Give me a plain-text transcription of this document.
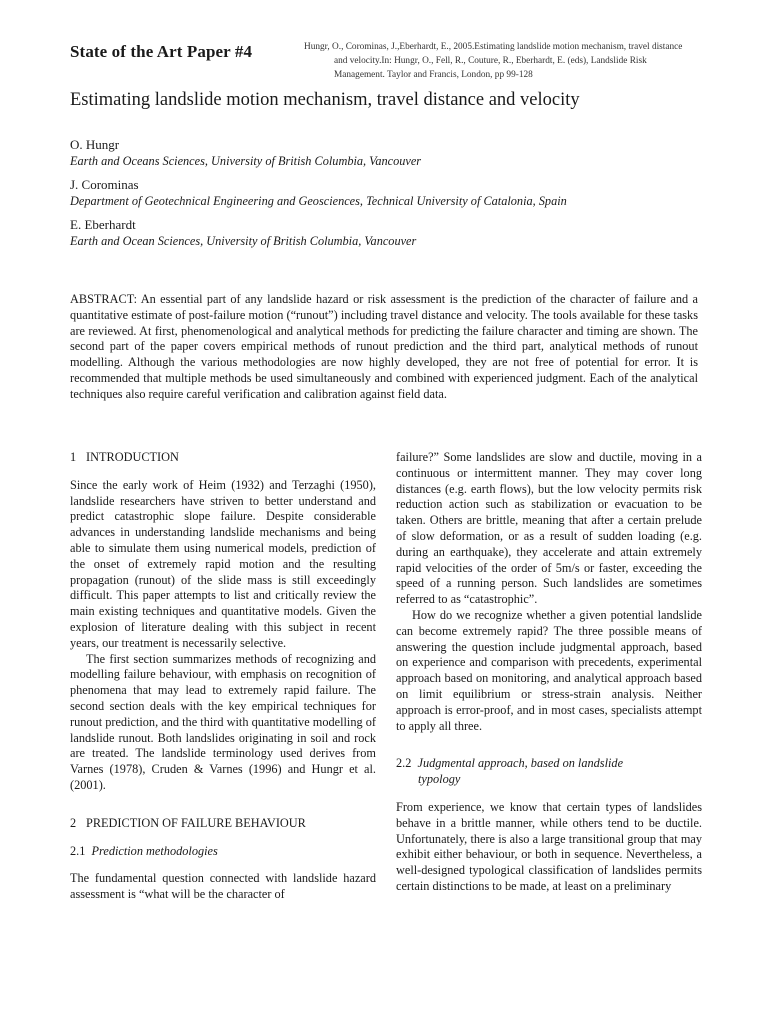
State of the Art Paper #4	Hungr, O., Corominas, J.,Eberhardt, E., 2005.Estimating landslide motion mechanism, travel distance

and velocity.In: Hungr, O., Fell, R., Couture, R., Eberhardt, E. (eds), Landslide Risk

Management. Taylor and Francis, London, pp 99-128

Estimating landslide motion mechanism, travel distance and velocity
O. Hungr
Earth and Oceans Sciences, University of British Columbia, Vancouver
J. Corominas
Department of Geotechnical Engineering and Geosciences, Technical University of Catalonia, Spain
E. Eberhardt
Earth and Ocean Sciences, University of British Columbia, Vancouver

ABSTRACT: An essential part of any landslide hazard or risk assessment is the prediction of the character of failure and a quantitative estimate of post-failure motion (“runout”) including travel distance and velocity. The tools available for these tasks are reviewed. At first, phenomenological and analytical methods for predicting the failure character and timing are shown. The second part of the paper covers empirical methods of runout prediction and the third part, analytical methods of runout modelling. Although the various methodologies are now highly developed, they are not free of potential for error. It is recommended that multiple methods be used simultaneously and combined with experienced judgment. Each of the analytical techniques also require careful verification and calibration against field data.

1 INTRODUCTION

Since the early work of Heim (1932) and Terzaghi (1950), landslide researchers have striven to better understand and predict catastrophic slope failure. Despite considerable advances in understanding landslide mechanisms and being able to simulate them using numerical models, prediction of the onset of extremely rapid motion and the resulting propagation (runout) of the slide mass is still exceedingly difficult. This paper attempts to list and critically review the main existing techniques and quantitative models. Given the explosion of literature dealing with this subject in recent years, our treatment is necessarily selective.

The first section summarizes methods of recognizing and modelling failure behaviour, with emphasis on recognition of phenomena that may lead to extremely rapid failure. The second section deals with the key empirical techniques for runout prediction, and the third with quantitative modelling of landslide runout. Both landslides originating in soil and rock are treated. The landslide terminology used derives from Varnes (1978), Cruden & Varnes (1996) and Hungr et al. (2001).

2 PREDICTION OF FAILURE BEHAVIOUR
2.1 Prediction methodologies

The fundamental question connected with landslide hazard assessment is “what will be the character of

failure?” Some landslides are slow and ductile, moving in a continuous or intermittent manner. They may cover long distances (e.g. earth flows), but the low velocity permits risk reduction action such as stabilization or evacuation to be taken. Others are brittle, meaning that after a certain prelude of slow deformation, or as a result of sudden loading (e.g. during an earthquake), they accelerate and attain extremely rapid velocities of the order of 5m/s or faster, exceeding the speed of a running person. Such landslides are sometimes referred to as “catastrophic”.

How do we recognize whether a given potential landslide can become extremely rapid? The three possible means of answering the question include judgmental approach, based on experience and comparison with precedents, experimental approach based on monitoring, and analytical approach based on limit equilibrium or stress-strain analysis. Neither approach is error-proof, and in most cases, specialists attempt to apply all three.

2.2 Judgmental approach, based on landslide
typology

From experience, we know that certain types of landslides behave in a brittle manner, while others tend to be ductile. Unfortunately, there is also a large transitional group that may exhibit either behaviour, or both in sequence. Nevertheless, a well-designed typological classification of landslides permits certain distinctions to be made, at least on a preliminary
